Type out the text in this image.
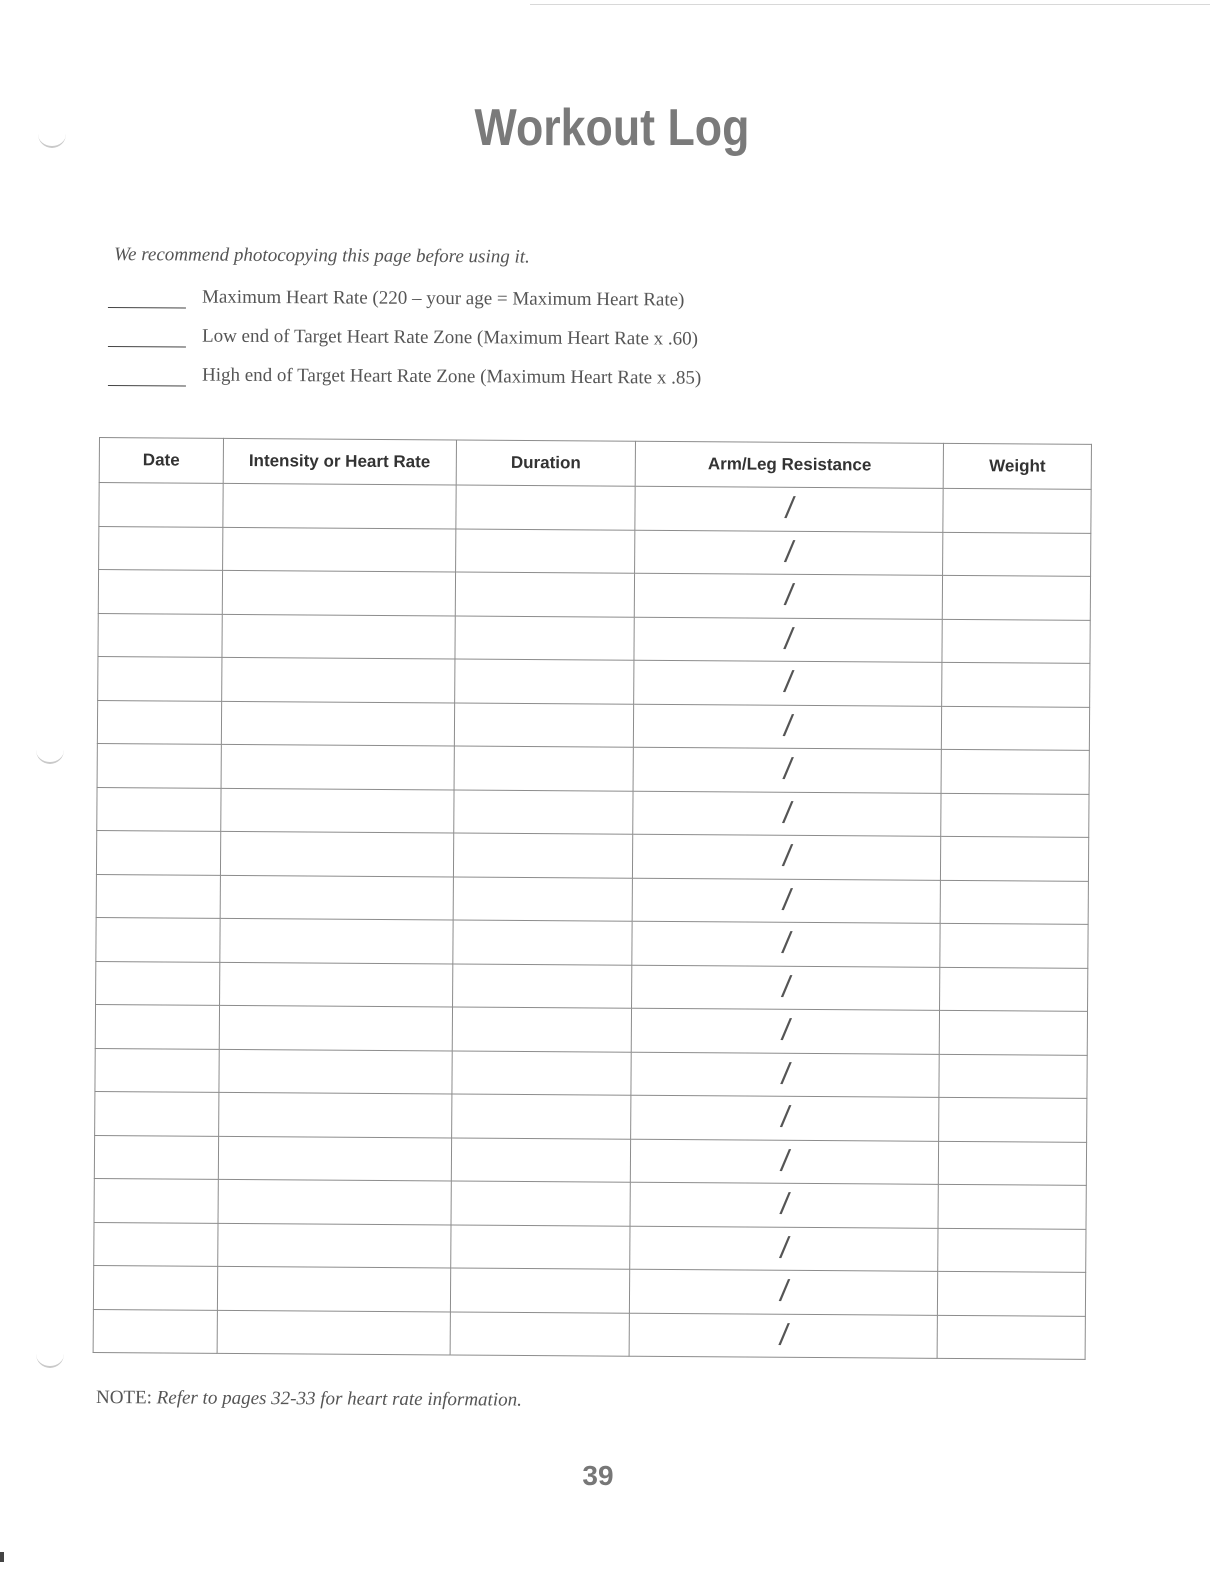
Workout Log
We recommend photocopying this page before using it.
Maximum Heart Rate (220 – your age = Maximum Heart Rate)
Low end of Target Heart Rate Zone (Maximum Heart Rate x .60)
High end of Target Heart Rate Zone (Maximum Heart Rate x .85)
Date	Intensity or Heart Rate	Duration	Arm/Leg Resistance	Weight
			/	
			/	
			/	
			/	
			/	
			/	
			/	
			/	
			/	
			/	
			/	
			/	
			/	
			/	
			/	
			/	
			/	
			/	
			/	
			/	
NOTE: Refer to pages 32-33 for heart rate information.
39
